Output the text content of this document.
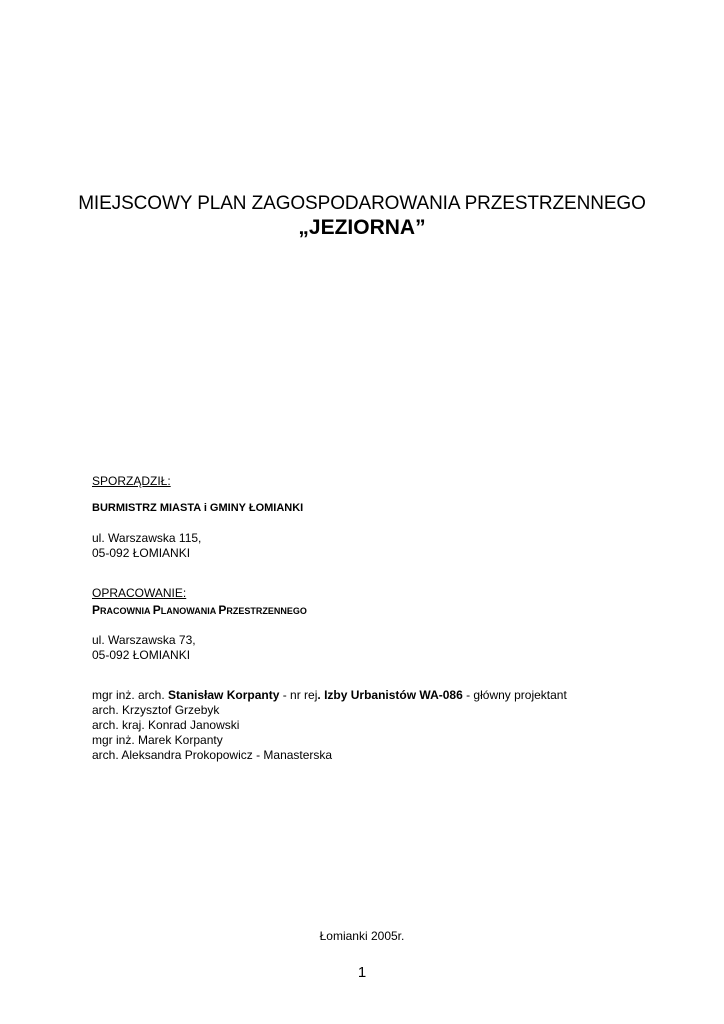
MIEJSCOWY PLAN ZAGOSPODAROWANIA PRZESTRZENNEGO
„JEZIORNA”
SPORZĄDZIŁ:
BURMISTRZ MIASTA i GMINY ŁOMIANKI
ul. Warszawska 115,
05-092 ŁOMIANKI
OPRACOWANIE:
PRACOWNIA PLANOWANIA PRZESTRZENNEGO
ul. Warszawska 73,
05-092 ŁOMIANKI
mgr inż. arch. Stanisław Korpanty - nr rej. Izby Urbanistów WA-086 - główny projektant
arch. Krzysztof Grzebyk
arch. kraj. Konrad Janowski
mgr inż. Marek Korpanty
arch. Aleksandra Prokopowicz - Manasterska
Łomianki 2005r.
1
